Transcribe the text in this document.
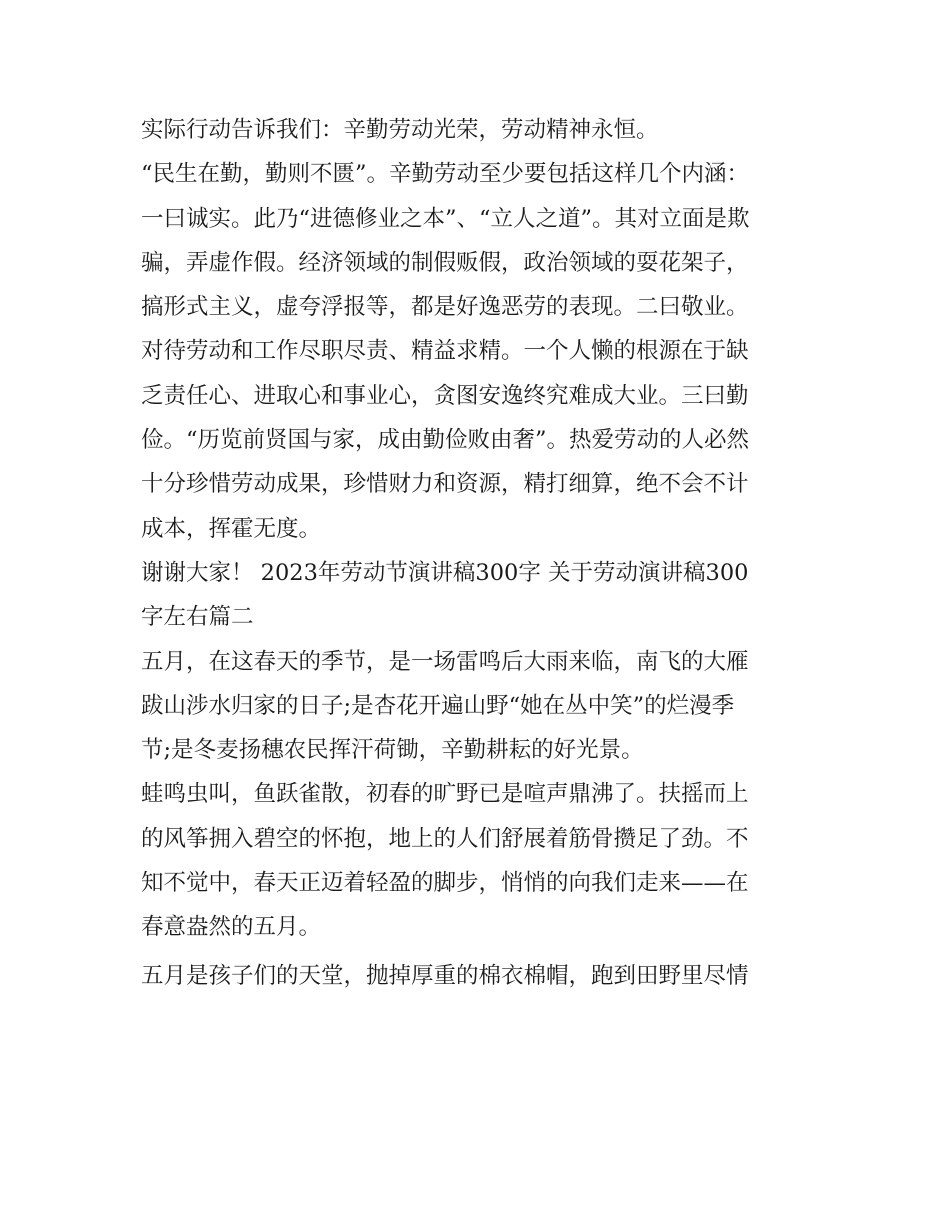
实际行动告诉我们：辛勤劳动光荣，劳动精神永恒。
“民生在勤，勤则不匮”。辛勤劳动至少要包括这样几个内涵：
一曰诚实。此乃“进德修业之本”、“立人之道”。其对立面是欺
骗，弄虚作假。经济领域的制假贩假，政治领域的耍花架子，
搞形式主义，虚夸浮报等，都是好逸恶劳的表现。二曰敬业。
对待劳动和工作尽职尽责、精益求精。一个人懒的根源在于缺
乏责任心、进取心和事业心，贪图安逸终究难成大业。三曰勤
俭。“历览前贤国与家，成由勤俭败由奢”。热爱劳动的人必然
十分珍惜劳动成果，珍惜财力和资源，精打细算，绝不会不计
成本，挥霍无度。
谢谢大家！ 2023年劳动节演讲稿300字 关于劳动演讲稿300
字左右篇二
五月，在这春天的季节，是一场雷鸣后大雨来临，南飞的大雁
跋山涉水归家的日子;是杏花开遍山野“她在丛中笑”的烂漫季
节;是冬麦扬穗农民挥汗荷锄，辛勤耕耘的好光景。
蛙鸣虫叫，鱼跃雀散，初春的旷野已是喧声鼎沸了。扶摇而上
的风筝拥入碧空的怀抱，地上的人们舒展着筋骨攒足了劲。不
知不觉中，春天正迈着轻盈的脚步，悄悄的向我们走来——在
春意盎然的五月。
五月是孩子们的天堂，抛掉厚重的棉衣棉帽，跑到田野里尽情
